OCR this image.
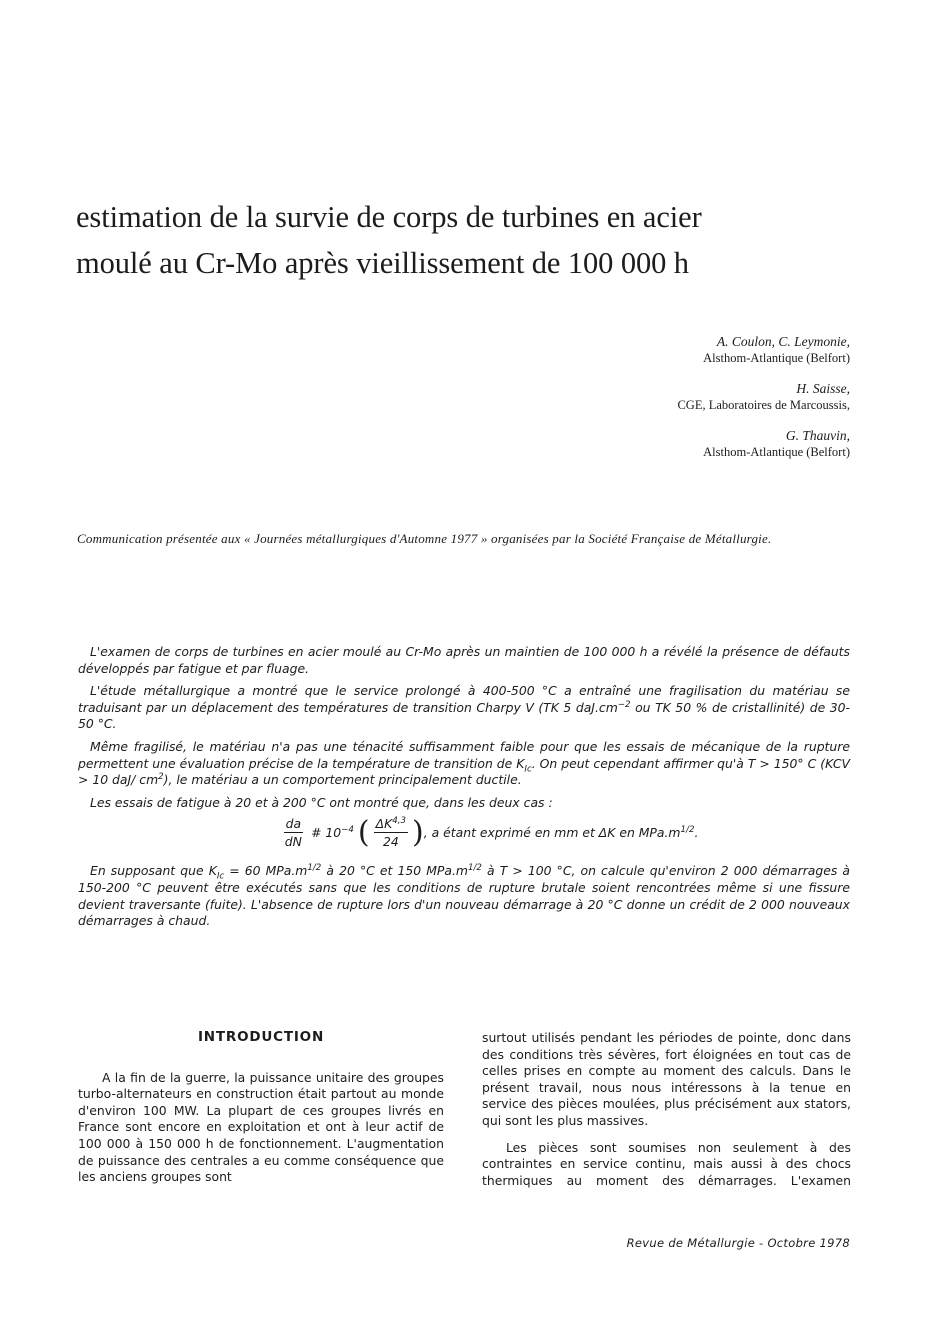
estimation de la survie de corps de turbines en acier
moulé au Cr-Mo après vieillissement de 100 000 h
A. Coulon, C. Leymonie,
Alsthom-Atlantique (Belfort)
H. Saisse,
CGE, Laboratoires de Marcoussis,
G. Thauvin,
Alsthom-Atlantique (Belfort)
Communication présentée aux « Journées métallurgiques d'Automne 1977 » organisées par la Société Française de Métallurgie.

L'examen de corps de turbines en acier moulé au Cr-Mo après un maintien de 100 000 h a révélé la présence de défauts développés par fatigue et par fluage.

L'étude métallurgique a montré que le service prolongé à 400-500 °C a entraîné une fragilisation du matériau se traduisant par un déplacement des températures de transition Charpy V (TK 5 $daJ.cm^{-2}$ ou TK 50 % de cristallinité) de 30-50 °C.

Même fragilisé, le matériau n'a pas une ténacité suffisamment faible pour que les essais de mécanique de la rupture permettent une évaluation précise de la température de transition de $K_{Ic}$. On peut cependant affirmer qu'à T > 150° C (KCV > 10 daJ/ $cm^2$), le matériau a un comportement principalement ductile.

Les essais de fatigue à 20 et à 200 °C ont montré que, dans les deux cas :

$\frac{da}{dN}$ # $10^{-4}$ ( $\frac{\Delta K^{4,3}}{24}$ ) , a étant exprimé en mm et ΔK en $MPa.m^{1/2}$.

En supposant que $K_{Ic} = 60$ $MPa.m^{1/2}$ à 20 °C et 150 $MPa.m^{1/2}$ à T > 100 °C, on calcule qu'environ 2 000 démarrages à 150-200 °C peuvent être exécutés sans que les conditions de rupture brutale soient rencontrées même si une fissure devient traversante (fuite). L'absence de rupture lors d'un nouveau démarrage à 20 °C donne un crédit de 2 000 nouveaux démarrages à chaud.

INTRODUCTION

A la fin de la guerre, la puissance unitaire des groupes turbo-alternateurs en construction était partout au monde d'environ 100 MW. La plupart de ces groupes livrés en France sont encore en exploitation et ont à leur actif de 100 000 à 150 000 h de fonctionnement. L'augmentation de puissance des centrales a eu comme conséquence que les anciens groupes sont

surtout utilisés pendant les périodes de pointe, donc dans des conditions très sévères, fort éloignées en tout cas de celles prises en compte au moment des calculs. Dans le présent travail, nous nous intéressons à la tenue en service des pièces moulées, plus précisément aux stators, qui sont les plus massives.

Les pièces sont soumises non seulement à des contraintes en service continu, mais aussi à des chocs thermiques au moment des démarrages. L'examen

Revue de Métallurgie - Octobre 1978
